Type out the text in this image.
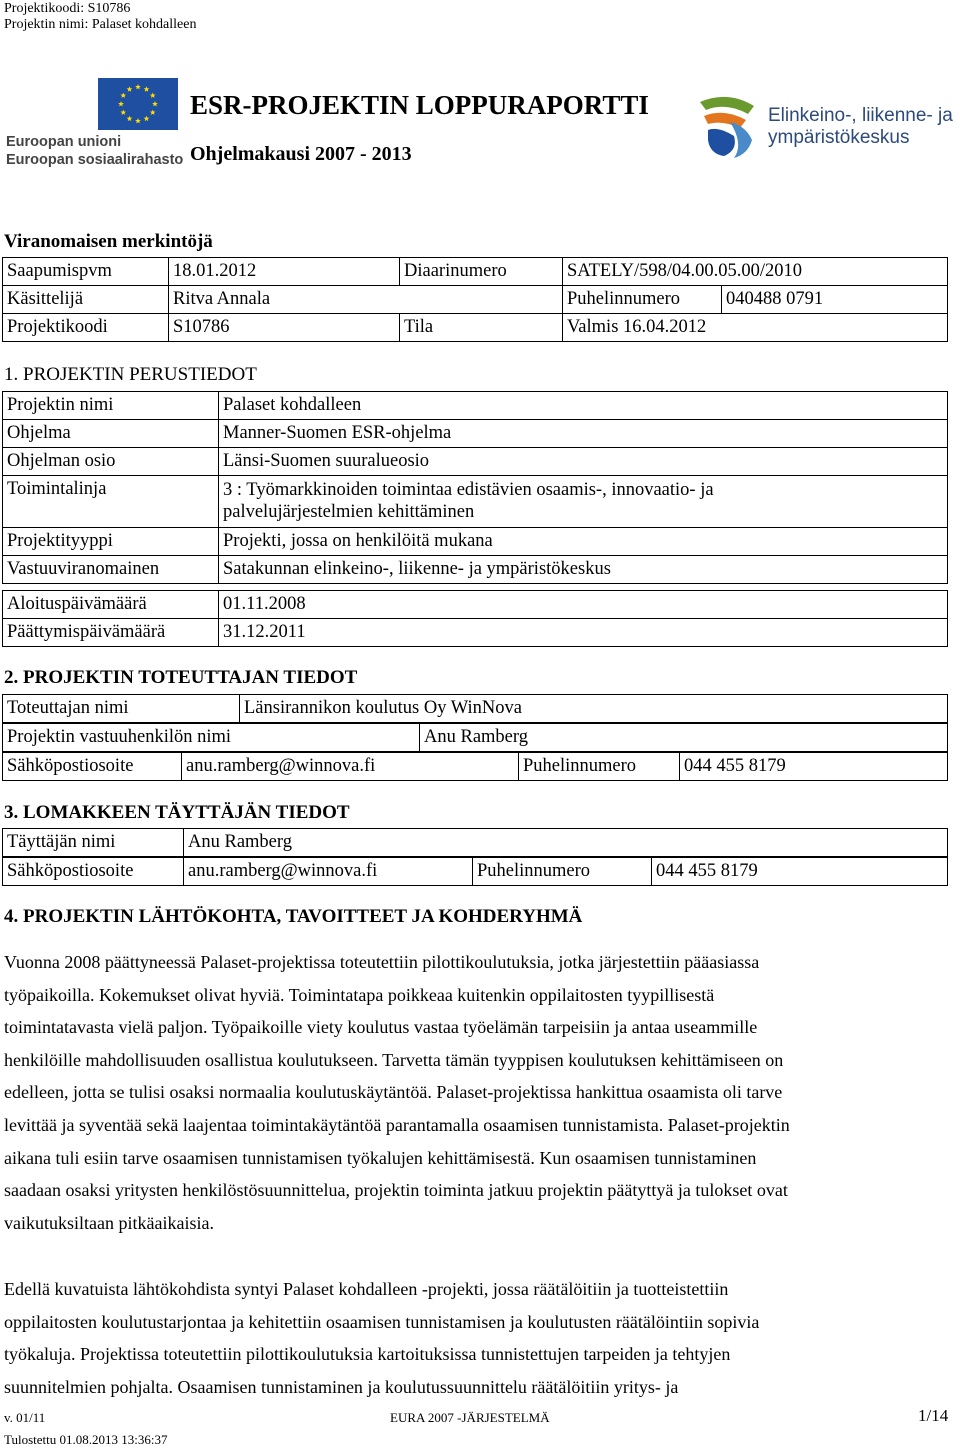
Projektikoodi: S10786
Projektin nimi: Palaset kohdalleen
Euroopan unioni
Euroopan sosiaalirahasto
ESR-PROJEKTIN LOPPURAPORTTI
Ohjelmakausi 2007 - 2013
Elinkeino-, liikenne- ja
ympäristökeskus
Viranomaisen merkintöjä
Saapumispvm	18.01.2012	Diaarinumero	SATELY/598/04.00.05.00/2010	
Käsittelijä	Ritva Annala		Puhelinnumero	040488 0791
Projektikoodi	S10786	Tila	Valmis 16.04.2012	
1. PROJEKTIN PERUSTIEDOT
Projektin nimi	Palaset kohdalleen
Ohjelma	Manner-Suomen ESR-ohjelma
Ohjelman osio	Länsi-Suomen suuralueosio
Toimintalinja	3 : Työmarkkinoiden toimintaa edistävien osaamis-, innovaatio- ja
palvelujärjestelmien kehittäminen

Projektityyppi	Projekti, jossa on henkilöitä mukana
Vastuuviranomainen	Satakunnan elinkeino-, liikenne- ja ympäristökeskus
Aloituspäivämäärä	01.11.2008
Päättymispäivämäärä	31.12.2011
2. PROJEKTIN TOTEUTTAJAN TIEDOT
Toteuttajan nimi	Länsirannikon koulutus Oy WinNova
Projektin vastuuhenkilön nimi	Anu Ramberg
Sähköpostiosoite	anu.ramberg@winnova.fi	Puhelinnumero	044 455 8179
3. LOMAKKEEN TÄYTTÄJÄN TIEDOT
Täyttäjän nimi	Anu Ramberg
Sähköpostiosoite	anu.ramberg@winnova.fi	Puhelinnumero	044 455 8179
4. PROJEKTIN LÄHTÖKOHTA, TAVOITTEET JA KOHDERYHMÄ
Vuonna 2008 päättyneessä Palaset-projektissa toteutettiin pilottikoulutuksia, jotka järjestettiin pääasiassa
työpaikoilla. Kokemukset olivat hyviä. Toimintatapa poikkeaa kuitenkin oppilaitosten tyypillisestä
toimintatavasta vielä paljon. Työpaikoille viety koulutus vastaa työelämän tarpeisiin ja antaa useammille
henkilöille mahdollisuuden osallistua koulutukseen. Tarvetta tämän tyyppisen koulutuksen kehittämiseen on
edelleen, jotta se tulisi osaksi normaalia koulutuskäytäntöä. Palaset-projektissa hankittua osaamista oli tarve
levittää ja syventää sekä laajentaa toimintakäytäntöä parantamalla osaamisen tunnistamista. Palaset-projektin
aikana tuli esiin tarve osaamisen tunnistamisen työkalujen kehittämisestä. Kun osaamisen tunnistaminen
saadaan osaksi yritysten henkilöstösuunnittelua, projektin toiminta jatkuu projektin päätyttyä ja tulokset ovat
vaikutuksiltaan pitkäaikaisia.
Edellä kuvatuista lähtökohdista syntyi Palaset kohdalleen -projekti, jossa räätälöitiin ja tuotteistettiin
oppilaitosten koulutustarjontaa ja kehitettiin osaamisen tunnistamisen ja koulutusten räätälöintiin sopivia
työkaluja. Projektissa toteutettiin pilottikoulutuksia kartoituksissa tunnistettujen tarpeiden ja tehtyjen
suunnitelmien pohjalta. Osaamisen tunnistaminen ja koulutussuunnittelu räätälöitiin yritys- ja
v. 01/11	EURA 2007 -JÄRJESTELMÄ	1/14
Tulostettu 01.08.2013 13:36:37
